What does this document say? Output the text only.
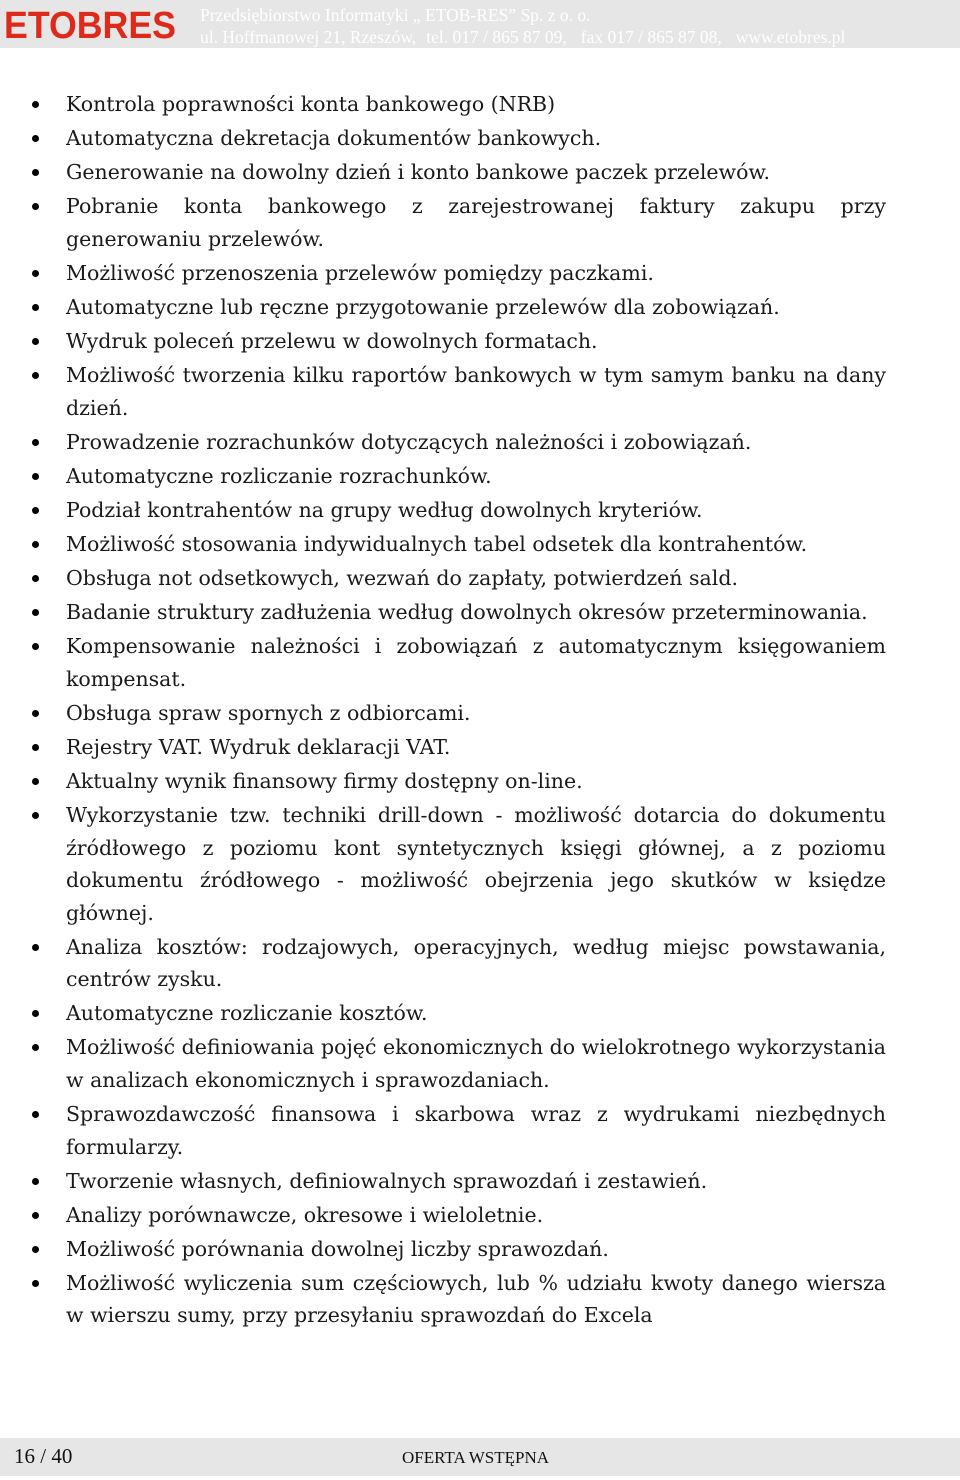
ETOBRES Przedsiębiorstwo Informatyki „ ETOB-RES” Sp. z o. o.
ul. Hoffmanowej 21, Rzeszów, tel. 017 / 865 87 09, fax 017 / 865 87 08, www.etobres.pl
Kontrola poprawności konta bankowego (NRB)
Automatyczna dekretacja dokumentów bankowych.
Generowanie na dowolny dzień i konto bankowe paczek przelewów.
Pobranie konta bankowego z zarejestrowanej faktury zakupu przy generowaniu przelewów.
Możliwość przenoszenia przelewów pomiędzy paczkami.
Automatyczne lub ręczne przygotowanie przelewów dla zobowiązań.
Wydruk poleceń przelewu w dowolnych formatach.
Możliwość tworzenia kilku raportów bankowych w tym samym banku na dany dzień.
Prowadzenie rozrachunków dotyczących należności i zobowiązań.
Automatyczne rozliczanie rozrachunków.
Podział kontrahentów na grupy według dowolnych kryteriów.
Możliwość stosowania indywidualnych tabel odsetek dla kontrahentów.
Obsługa not odsetkowych, wezwań do zapłaty, potwierdzeń sald.
Badanie struktury zadłużenia według dowolnych okresów przeterminowania.
Kompensowanie należności i zobowiązań z automatycznym księgowaniem kompensat.
Obsługa spraw spornych z odbiorcami.
Rejestry VAT. Wydruk deklaracji VAT.
Aktualny wynik finansowy firmy dostępny on-line.
Wykorzystanie tzw. techniki drill-down - możliwość dotarcia do dokumentu źródłowego z poziomu kont syntetycznych księgi głównej, a z poziomu dokumentu źródłowego - możliwość obejrzenia jego skutków w księdze głównej.
Analiza kosztów: rodzajowych, operacyjnych, według miejsc powstawania, centrów zysku.
Automatyczne rozliczanie kosztów.
Możliwość definiowania pojęć ekonomicznych do wielokrotnego wykorzystania w analizach ekonomicznych i sprawozdaniach.
Sprawozdawczość finansowa i skarbowa wraz z wydrukami niezbędnych formularzy.
Tworzenie własnych, definiowalnych sprawozdań i zestawień.
Analizy porównawcze, okresowe i wieloletnie.
Możliwość porównania dowolnej liczby sprawozdań.
Możliwość wyliczenia sum częściowych, lub % udziału kwoty danego wiersza w wierszu sumy, przy przesyłaniu sprawozdań do Excela
16 / 40	OFERTA WSTĘPNA
